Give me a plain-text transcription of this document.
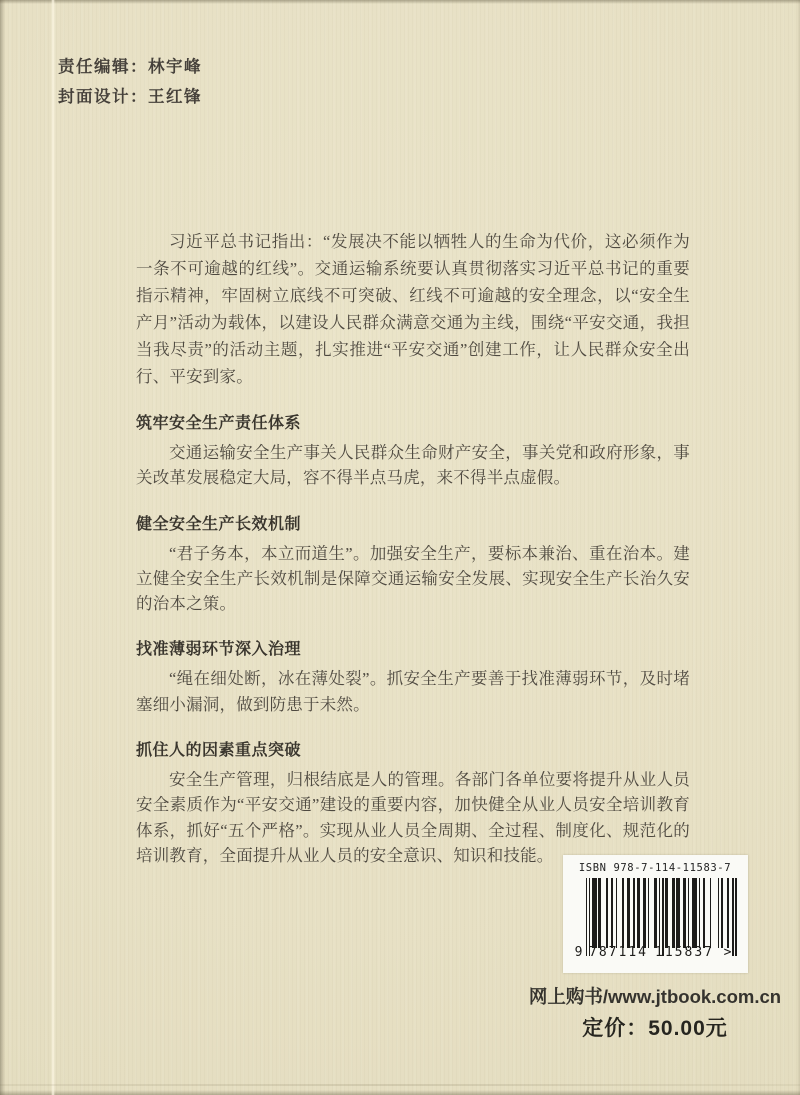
责任编辑：林宇峰
封面设计：王红锋

习近平总书记指出：“发展决不能以牺牲人的生命为代价，这必须作为一条不可逾越的红线”。交通运输系统要认真贯彻落实习近平总书记的重要指示精神，牢固树立底线不可突破、红线不可逾越的安全理念，以“安全生产月”活动为载体，以建设人民群众满意交通为主线，围绕“平安交通，我担当我尽责”的活动主题，扎实推进“平安交通”创建工作，让人民群众安全出行、平安到家。

筑牢安全生产责任体系

交通运输安全生产事关人民群众生命财产安全，事关党和政府形象，事关改革发展稳定大局，容不得半点马虎，来不得半点虚假。

健全安全生产长效机制

“君子务本，本立而道生”。加强安全生产，要标本兼治、重在治本。建立健全安全生产长效机制是保障交通运输安全发展、实现安全生产长治久安的治本之策。

找准薄弱环节深入治理

“绳在细处断，冰在薄处裂”。抓安全生产要善于找准薄弱环节，及时堵塞细小漏洞，做到防患于未然。

抓住人的因素重点突破

安全生产管理，归根结底是人的管理。各部门各单位要将提升从业人员安全素质作为“平安交通”建设的重要内容，加快健全从业人员安全培训教育体系，抓好“五个严格”。实现从业人员全周期、全过程、制度化、规范化的培训教育，全面提升从业人员的安全意识、知识和技能。

ISBN 978-7-114-11583-7
9 787114 115837 >
网上购书/www.jtbook.com.cn
定价：50.00元
